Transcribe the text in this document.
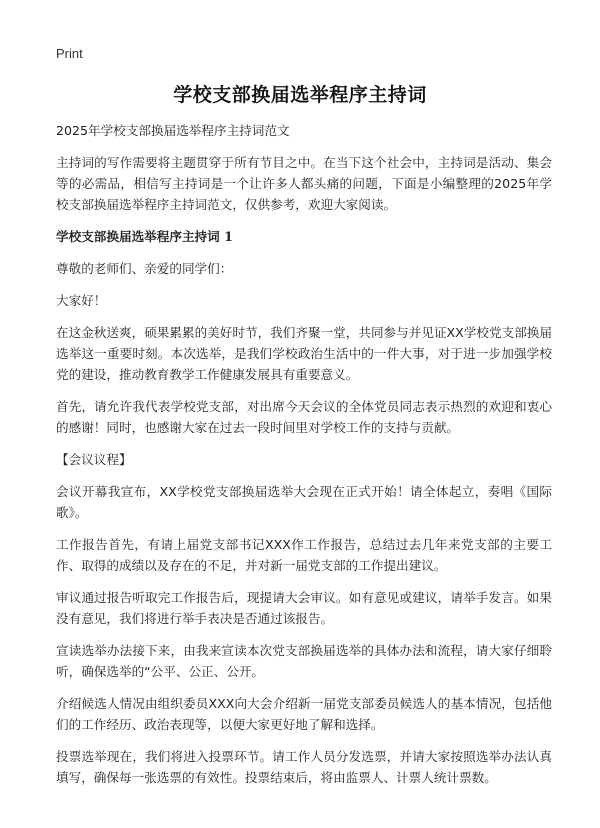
Print
学校支部换届选举程序主持词

2025年学校支部换届选举程序主持词范文

主持词的写作需要将主题贯穿于所有节目之中。在当下这个社会中，主持词是活动、集会等的必需品，相信写主持词是一个让许多人都头痛的问题，下面是小编整理的2025年学校支部换届选举程序主持词范文，仅供参考，欢迎大家阅读。

学校支部换届选举程序主持词 1

尊敬的老师们、亲爱的同学们：

大家好！

在这金秋送爽，硕果累累的美好时节，我们齐聚一堂，共同参与并见证XX学校党支部换届选举这一重要时刻。本次选举，是我们学校政治生活中的一件大事，对于进一步加强学校党的建设，推动教育教学工作健康发展具有重要意义。

首先，请允许我代表学校党支部，对出席今天会议的全体党员同志表示热烈的欢迎和衷心的感谢！同时，也感谢大家在过去一段时间里对学校工作的支持与贡献。

【会议议程】

会议开幕我宣布，XX学校党支部换届选举大会现在正式开始！请全体起立，奏唱《国际歌》。

工作报告首先，有请上届党支部书记XXX作工作报告，总结过去几年来党支部的主要工作、取得的成绩以及存在的不足，并对新一届党支部的工作提出建议。

审议通过报告听取完工作报告后，现提请大会审议。如有意见或建议，请举手发言。如果没有意见，我们将进行举手表决是否通过该报告。

宣读选举办法接下来，由我来宣读本次党支部换届选举的具体办法和流程，请大家仔细聆听，确保选举的“公平、公正、公开。

介绍候选人情况由组织委员XXX向大会介绍新一届党支部委员候选人的基本情况，包括他们的工作经历、政治表现等，以便大家更好地了解和选择。

投票选举现在，我们将进入投票环节。请工作人员分发选票，并请大家按照选举办法认真填写，确保每一张选票的有效性。投票结束后，将由监票人、计票人统计票数。
